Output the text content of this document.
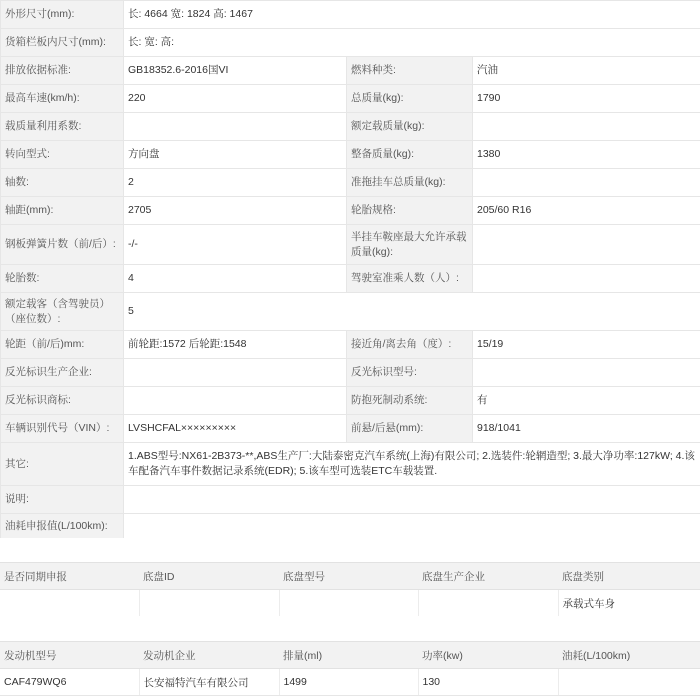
外形尺寸(mm):	长: 4664 宽: 1824 高: 1467		
货箱栏板内尺寸(mm):	长: 宽: 高:		
排放依据标准:	GB18352.6-2016国VI	燃料种类:	汽油
最高车速(km/h):	220	总质量(kg):	1790
载质量利用系数:		额定载质量(kg):	
转向型式:	方向盘	整备质量(kg):	1380
轴数:	2	准拖挂车总质量(kg):	
轴距(mm):	2705	轮胎规格:	205/60 R16
钢板弹簧片数（前/后）:	-/-	半挂车鞍座最大允许承载质量(kg):	
轮胎数:	4	驾驶室准乘人数（人）:	
额定载客（含驾驶员）（座位数）:	5		
轮距（前/后)mm:	前轮距:1572 后轮距:1548	接近角/离去角（度）:	15/19
反光标识生产企业:		反光标识型号:	
反光标识商标:		防抱死制动系统:	有
车辆识别代号（VIN）:	LVSHCFAL×××××××××	前悬/后悬(mm):	918/1041
其它:	1.ABS型号:NX61-2B373-**,ABS生产厂:大陆泰密克汽车系统(上海)有限公司; 2.选装件:轮辋造型; 3.最大净功率:127kW; 4.该车配备汽车事件数据记录系统(EDR); 5.该车型可选装ETC车载装置.		
说明:			
油耗申报值(L/100km):			
是否同期申报	底盘ID	底盘型号	底盘生产企业	底盘类别
				承载式车身
发动机型号	发动机企业	排量(ml)	功率(kw)	油耗(L/100km)
CAF479WQ6	长安福特汽车有限公司	1499	130	
